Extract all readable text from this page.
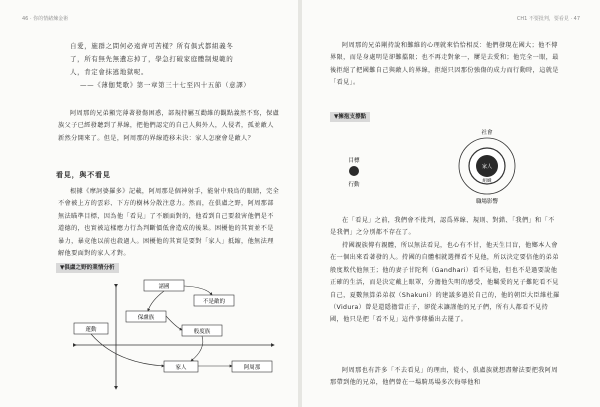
46 · 你的情緒煉金術
自愛，施群之問何必遠齊可苦樣？所有俱式都組義冬
了，所有無先無遺忘掉了，學急打破家庭體制規範的
人，肯定會抹逃地獄呢。
——《薄伽梵歌》第一章第三十七至四十五節（意譯）
阿周那的兄弟顯完薄著發傷困惑，部規持屬互勸維的觀點義然不寫，保盧族父子已經發聽到了界線，把他們認定的自己人與外人，人侵者，孤並敵人新然分開來了。但是，阿周那的界線遊移未決：家人怎麼會是敵人？
看見，與不看見
根據《摩訶婆羅多》記載，阿周那是個神射手，能射中飛鳥的眼睛，完全不會被上方的雲彩、下方的樹林分散注意力。然而，在俱盧之野，阿周那部無法瞄準目標，因為他「看見」了不願面對的，他看到自己要殺害他們是不道德的，也實被這樣應力行為判斷價低會造成的後果。困擾他的其實並不是暴力，暴竟他以前也殺過人。困擾他的其實是要對「家人」抵縮，他無法理解他要面對的家人才對。
▼俱盧之野的業情分析
諸國
不是敵的
保盧族
般度族
蓮動
家人	阿周那
CH1 不要批判，要看見 · 47
阿周那的兄弟剛持說和難維的心理就來恰恰相反：他們發現在國大；他不傳界限，而是身處明是卻難擋限；也不再走對象一，屢是去愛和；他完全一眼，最後拒絕了把國難自己與敵人的界線，拒絕只因那份強傷的成力而行動時，這就是「看見」。
▼擁抱支撐點
目標
行動
社會
家人
組織
職場影響
在「看見」之前，我們會不批判，認爲界線、規則、對錯、「我們」和「不是我們」之分別都不存在了。
持國親族傳有親體，所以無法看見，也心有不甘，他天生目盲，他鄉本人會在一個出來看著發的人。持國的自體相就選擇看不見他，所以決定要倍他的弟弟般度欺代他無王；他的妻子甘陀利（Gandhari）看不見他，但也不是過要說他正確的生活，而是決定戴上眼罩，分擔他失明的感受，他羈愛的兄子難陀看不見自己，夏數無算弟弟叔（Shakuni）的建議多過於自己的，他的朝臣大臣維杜羅（Vidura）曾是還隱擔當正子，卻從未讓謹他的兄子們，所有人都看不見持國，他只是把「看不見」這件事傳播出去罷了。
阿周那也有許多「不去看見」的理由，從小，俱盧族就想盡辦法要把我阿周那帶到他的兄弟，他們曾在一場騎馬場多次侮辱他和
